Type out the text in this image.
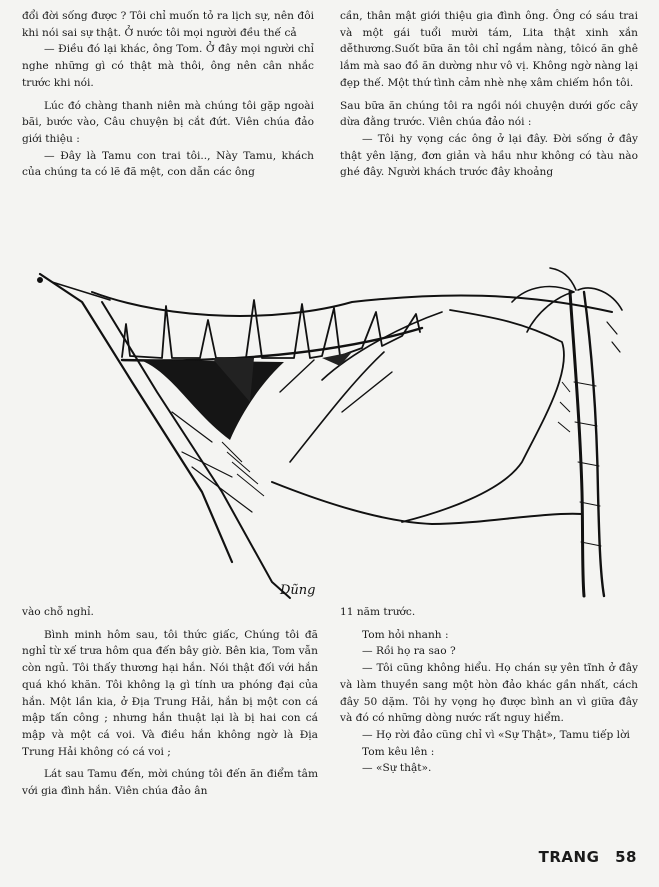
đổi đời sống được ? Tôi chỉ muốn tỏ ra lịch sự, nên đôi khi nói sai sự thật. Ở nước tôi mọi người đều thế cả

— Điều đó lại khác, ông Tom. Ở đây mọi người chỉ nghe những gì có thật mà thôi, ông nên cân nhắc trước khi nói.

Lúc đó chàng thanh niên mà chúng tôi gặp ngoài bãi, bước vào, Câu chuyện bị cắt đứt. Viên chúa đảo giới thiệu :

— Đây là Tamu con trai tôi.., Này Tamu, khách của chúng ta có lẽ đã mệt, con dẫn các ông

cần, thân mật giới thiệu gia đình ông. Ông có sáu trai và một gái tuổi mười tám, Lita thật xinh xắn dễthương.Suốt bữa ăn tôi chỉ ngắm nàng, tôicó ăn ghê lắm mà sao đồ ăn dường như vô vị. Không ngờ nàng lại đẹp thế. Một thứ tình cảm nhè nhẹ xâm chiếm hồn tôi.

Sau bữa ăn chúng tôi ra ngồi nói chuyện dưới gốc cây dừa đằng trước. Viên chúa đảo nói :

— Tôi hy vọng các ông ở lại đây. Đời sống ở đây thật yên lặng, đơn giản và hầu như không có tàu nào ghé đây. Người khách trước đây khoảng

Dũng

vào chỗ nghỉ.

Bình minh hôm sau, tôi thức giấc, Chúng tôi đã nghỉ từ xế trưa hôm qua đến bây giờ. Bên kia, Tom vẫn còn ngủ. Tôi thấy thương hại hắn. Nói thật đối với hắn quá khó khăn. Tôi không lạ gì tính ưa phóng đại của hắn. Một lần kia, ở Địa Trung Hải, hắn bị một con cá mập tấn công ; nhưng hắn thuật lại là bị hai con cá mập và một cá voi. Và điều hắn không ngờ là Địa Trung Hải không có cá voi ;

Lát sau Tamu đến, mời chúng tôi đến ăn điểm tâm với gia đình hắn. Viên chúa đảo ân

11 năm trước.

Tom hỏi nhanh :

— Rồi họ ra sao ?

— Tôi cũng không hiểu. Họ chán sự yên tĩnh ở đây và làm thuyền sang một hòn đảo khác gần nhất, cách đây 50 dặm. Tôi hy vọng họ được bình an vì giữa đây và đó có những dòng nước rất nguy hiểm.

— Họ rời đảo cũng chỉ vì «Sự Thật», Tamu tiếp lời

Tom kêu lên :

— «Sự thật».

TRANG 58
